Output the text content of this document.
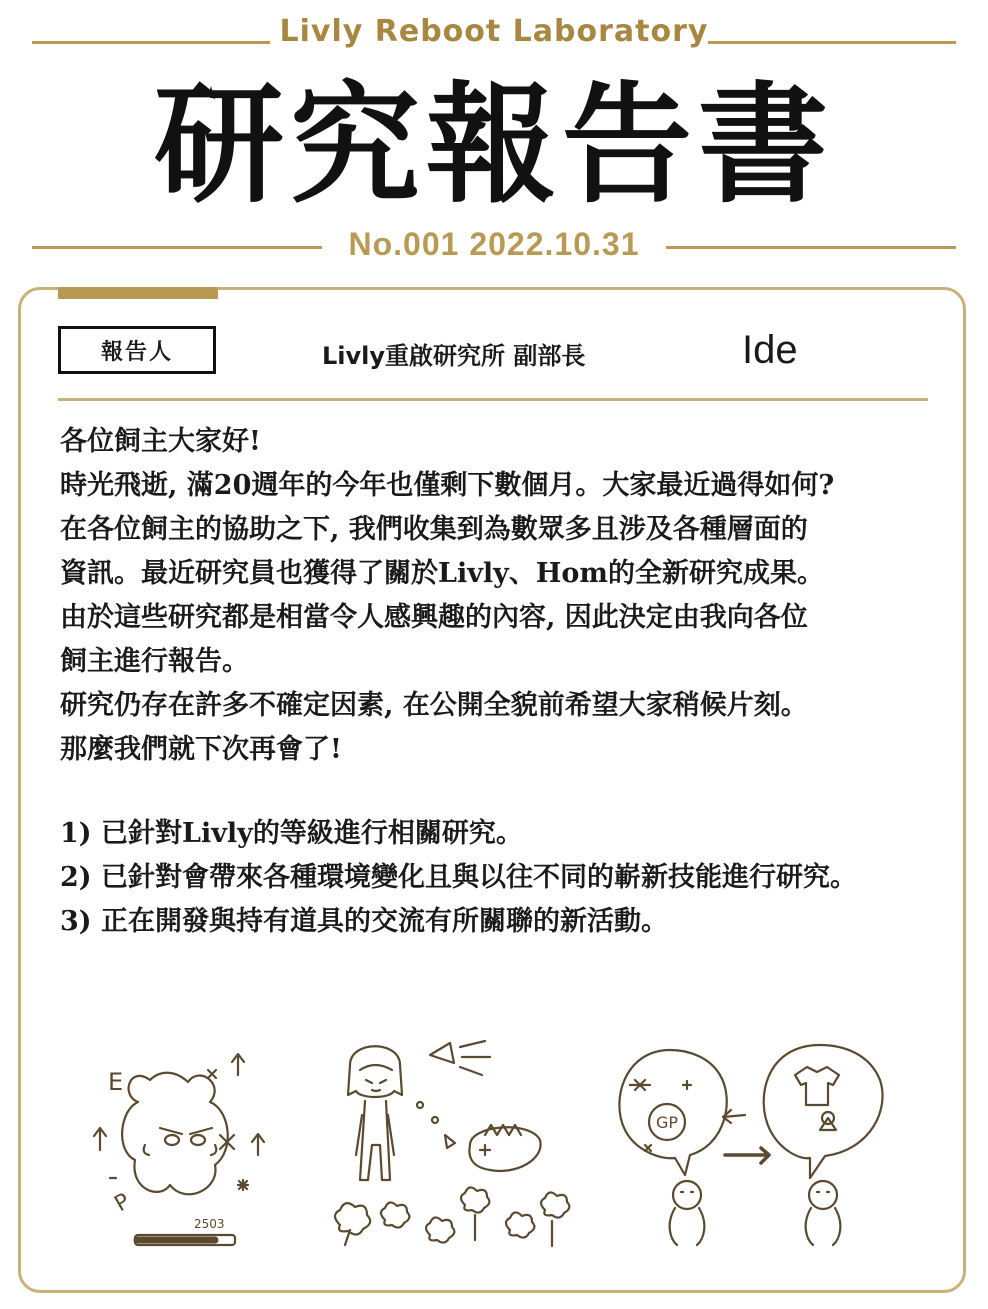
Livly Reboot Laboratory
研究報告書
No.001 2022.10.31
報告人	Livly重啟研究所 副部長	Ide

各位飼主大家好!

時光飛逝, 滿20週年的今年也僅剩下數個月。大家最近過得如何?

在各位飼主的協助之下, 我們收集到為數眾多且涉及各種層面的

資訊。最近研究員也獲得了關於Livly、Hom的全新研究成果。

由於這些研究都是相當令人感興趣的內容, 因此決定由我向各位

飼主進行報告。

研究仍存在許多不確定因素, 在公開全貌前希望大家稍候片刻。

那麼我們就下次再會了!

1) 已針對Livly的等級進行相關研究。

2) 已針對會帶來各種環境變化且與以往不同的嶄新技能進行研究。

3) 正在開發與持有道具的交流有所關聯的新活動。

E
P
2503
GP
